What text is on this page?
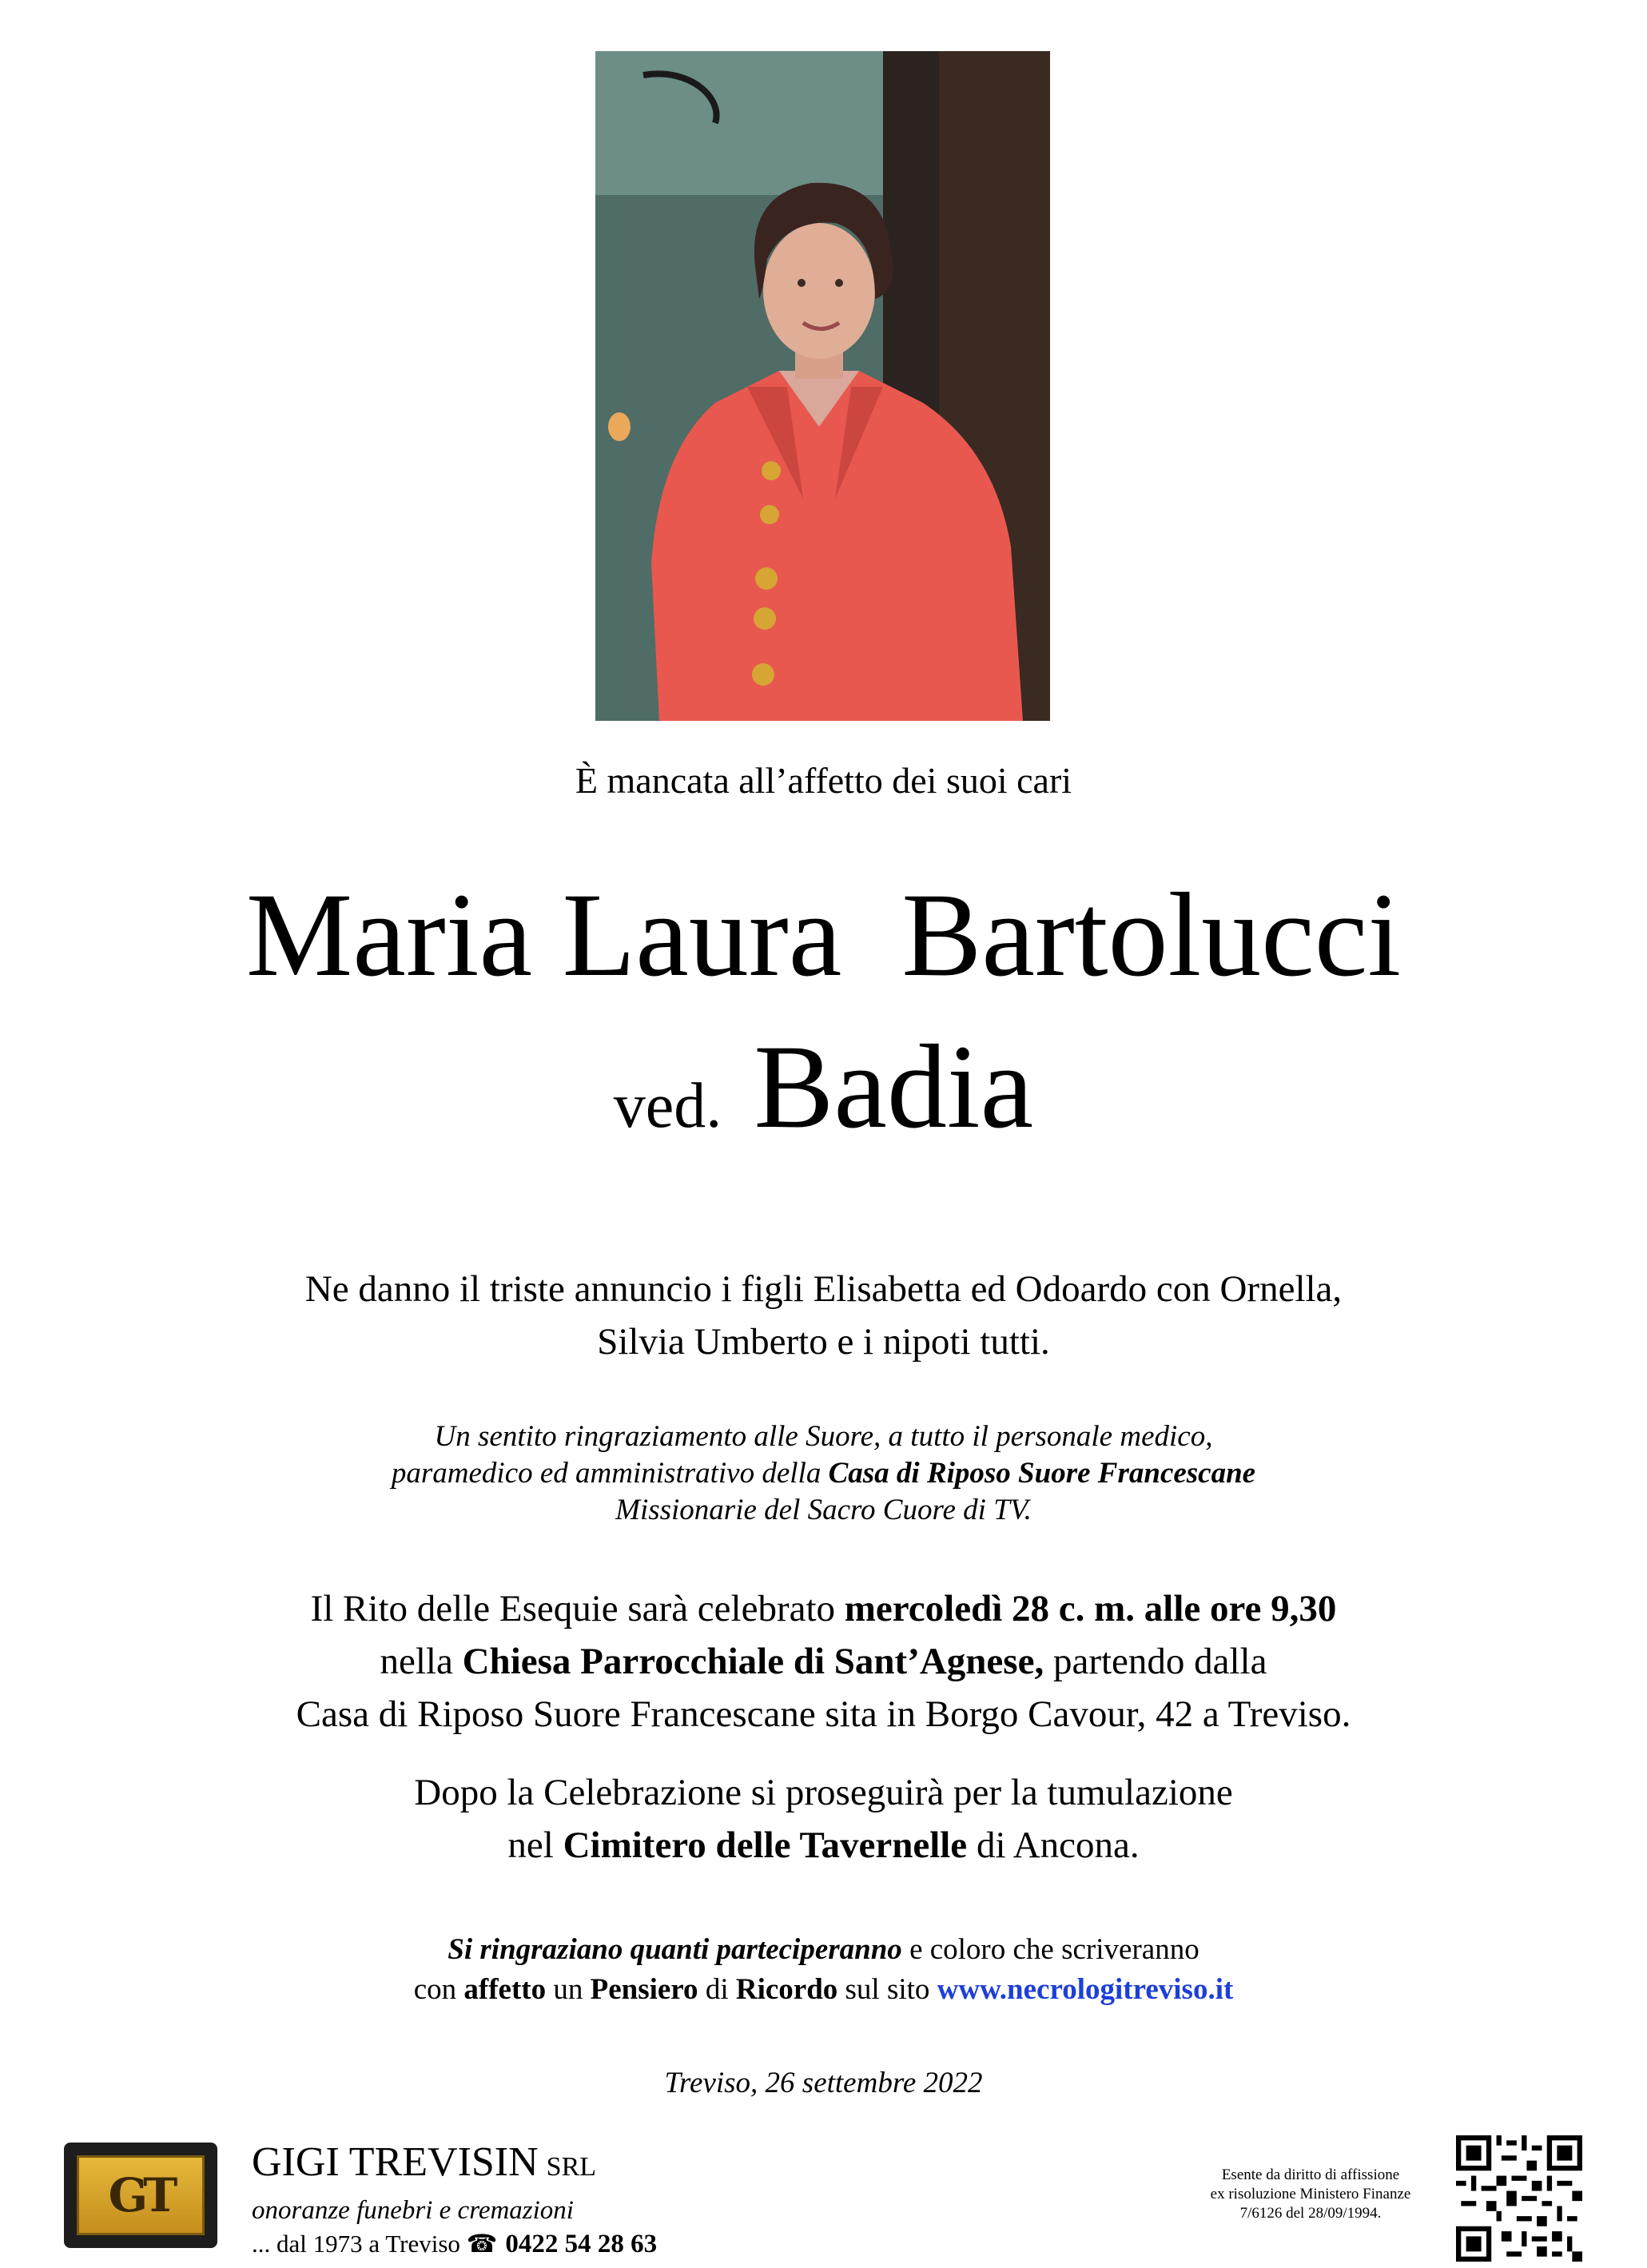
È mancata all’affetto dei suoi cari
Maria Laura  Bartolucci
ved. Badia
Ne danno il triste annuncio i figli Elisabetta ed Odoardo con Ornella,
Silvia Umberto e i nipoti tutti.
Un sentito ringraziamento alle Suore, a tutto il personale medico,
paramedico ed amministrativo della Casa di Riposo Suore Francescane
Missionarie del Sacro Cuore di TV.
Il Rito delle Esequie sarà celebrato mercoledì 28 c. m. alle ore 9,30
nella Chiesa Parrocchiale di Sant’Agnese, partendo dalla
Casa di Riposo Suore Francescane sita in Borgo Cavour, 42 a Treviso.
Dopo la Celebrazione si proseguirà per la tumulazione
nel Cimitero delle Tavernelle di Ancona.
Si ringraziano quanti parteciperanno e coloro che scriveranno
con affetto un Pensiero di Ricordo sul sito www.necrologitreviso.it
Treviso, 26 settembre 2022
GT
GIGI TREVISIN SRL
onoranze funebri e cremazioni
... dal 1973 a Treviso ☎ 0422 54 28 63
Esente da diritto di affissione
ex risoluzione Ministero Finanze
7/6126 del 28/09/1994.
